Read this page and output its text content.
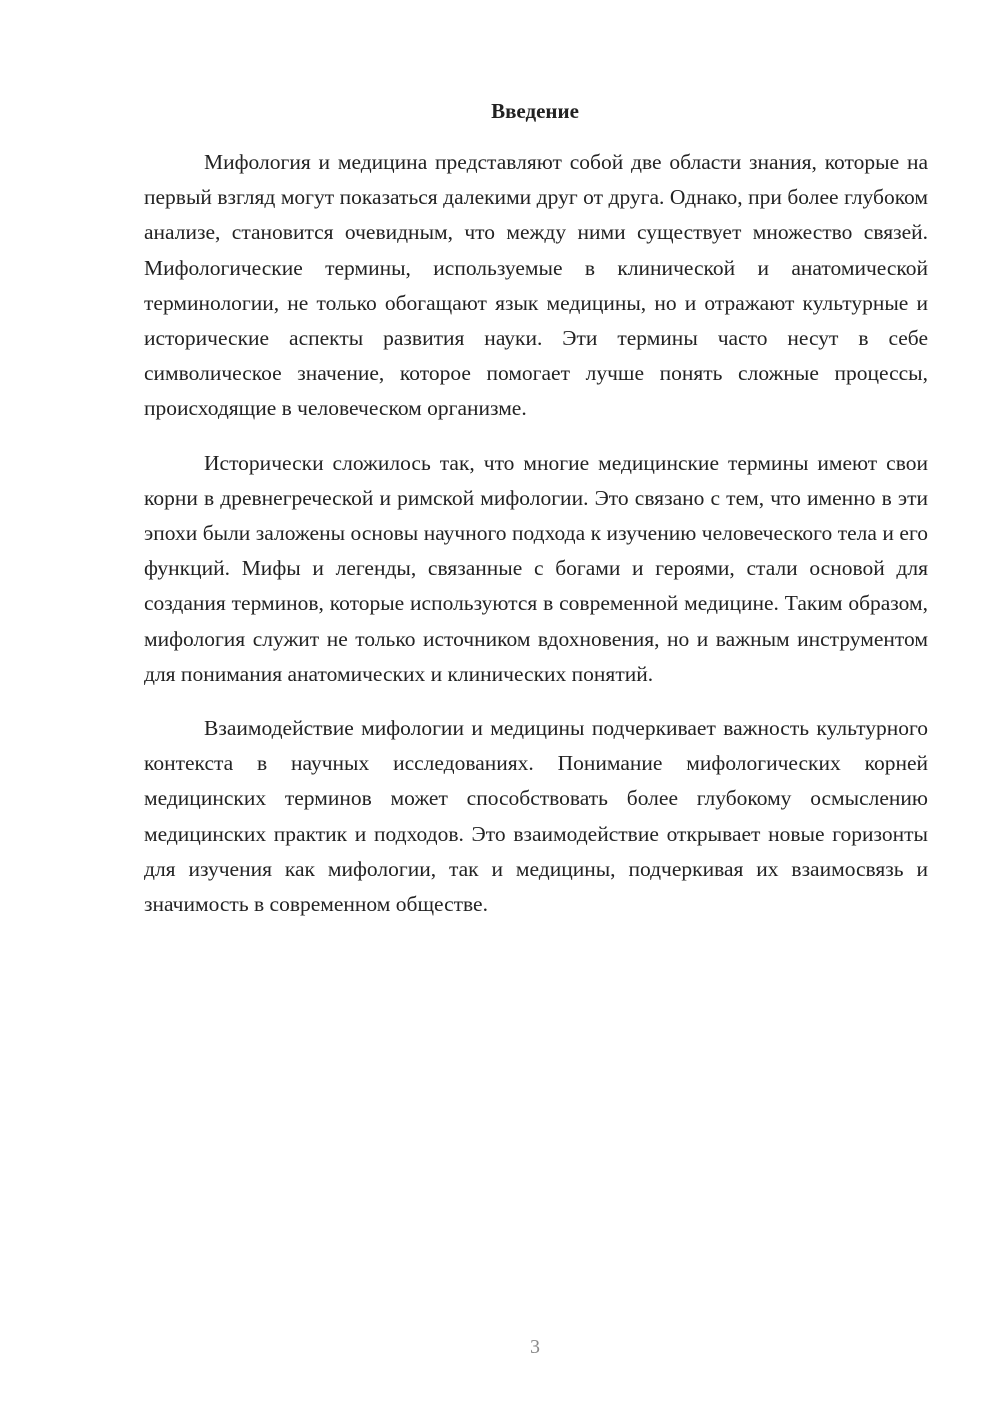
Введение

Мифология и медицина представляют собой две области знания, которые на первый взгляд могут показаться далекими друг от друга. Однако, при более глубоком анализе, становится очевидным, что между ними существует множество связей. Мифологические термины, используемые в клинической и анатомической терминологии, не только обогащают язык медицины, но и отражают культурные и исторические аспекты развития науки. Эти термины часто несут в себе символическое значение, которое помогает лучше понять сложные процессы, происходящие в человеческом организме.

Исторически сложилось так, что многие медицинские термины имеют свои корни в древнегреческой и римской мифологии. Это связано с тем, что именно в эти эпохи были заложены основы научного подхода к изучению человеческого тела и его функций. Мифы и легенды, связанные с богами и героями, стали основой для создания терминов, которые используются в современной медицине. Таким образом, мифология служит не только источником вдохновения, но и важным инструментом для понимания анатомических и клинических понятий.

Взаимодействие мифологии и медицины подчеркивает важность культурного контекста в научных исследованиях. Понимание мифологических корней медицинских терминов может способствовать более глубокому осмыслению медицинских практик и подходов. Это взаимодействие открывает новые горизонты для изучения как мифологии, так и медицины, подчеркивая их взаимосвязь и значимость в современном обществе.

3
